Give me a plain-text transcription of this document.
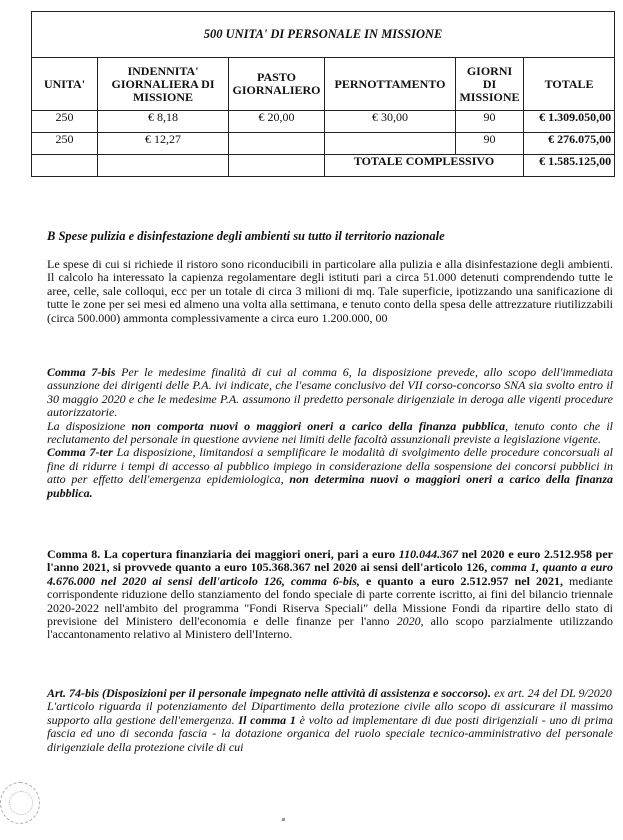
500 UNITA' DI PERSONALE IN MISSIONE					
UNITA'	INDENNITA' GIORNALIERA DI MISSIONE	PASTO GIORNALIERO	PERNOTTAMENTO	GIORNI DI MISSIONE	TOTALE
250	€ 8,18	€ 20,00	€ 30,00	90	€ 1.309.050,00
250	€ 12,27			90	€ 276.075,00
			TOTALE COMPLESSIVO		€ 1.585.125,00

B Spese pulizia e disinfestazione degli ambienti su tutto il territorio nazionale

Le spese di cui si richiede il ristoro sono riconducibili in particolare alla pulizia e alla disinfestazione degli ambienti. Il calcolo ha interessato la capienza regolamentare degli istituti pari a circa 51.000 detenuti comprendendo tutte le aree, celle, sale colloqui, ecc per un totale di circa 3 milioni di mq. Tale superficie, ipotizzando una sanificazione di tutte le zone per sei mesi ed almeno una volta alla settimana, e tenuto conto della spesa delle attrezzature riutilizzabili (circa 500.000) ammonta complessivamente a circa euro 1.200.000, 00

Comma 7-bis Per le medesime finalità di cui al comma 6, la disposizione prevede, allo scopo dell'immediata assunzione dei dirigenti delle P.A. ivi indicate, che l'esame conclusivo del VII corso-concorso SNA sia svolto entro il 30 maggio 2020 e che le medesime P.A. assumono il predetto personale dirigenziale in deroga alle vigenti procedure autorizzatorie.
La disposizione non comporta nuovi o maggiori oneri a carico della finanza pubblica, tenuto conto che il reclutamento del personale in questione avviene nei limiti delle facoltà assunzionali previste a legislazione vigente.
Comma 7-ter La disposizione, limitandosi a semplificare le modalità di svolgimento delle procedure concorsuali al fine di ridurre i tempi di accesso al pubblico impiego in considerazione della sospensione dei concorsi pubblici in atto per effetto dell'emergenza epidemiologica, non determina nuovi o maggiori oneri a carico della finanza pubblica.

Comma 8. La copertura finanziaria dei maggiori oneri, pari a euro 110.044.367 nel 2020 e euro 2.512.958 per l'anno 2021, si provvede quanto a euro 105.368.367 nel 2020 ai sensi dell'articolo 126, comma 1, quanto a euro 4.676.000 nel 2020 ai sensi dell'articolo 126, comma 6-bis, e quanto a euro 2.512.957 nel 2021, mediante corrispondente riduzione dello stanziamento del fondo speciale di parte corrente iscritto, ai fini del bilancio triennale 2020-2022 nell'ambito del programma "Fondi Riserva Speciali" della Missione Fondi da ripartire dello stato di previsione del Ministero dell'economia e delle finanze per l'anno 2020, allo scopo parzialmente utilizzando l'accantonamento relativo al Ministero dell'Interno.

Art. 74-bis (Disposizioni per il personale impegnato nelle attività di assistenza e soccorso). ex art. 24 del DL 9/2020
L'articolo riguarda il potenziamento del Dipartimento della protezione civile allo scopo di assicurare il massimo supporto alla gestione dell'emergenza. Il comma 1 è volto ad implementare di due posti dirigenziali - uno di prima fascia ed uno di seconda fascia - la dotazione organica del ruolo speciale tecnico-amministrativo del personale dirigenziale della protezione civile di cui
